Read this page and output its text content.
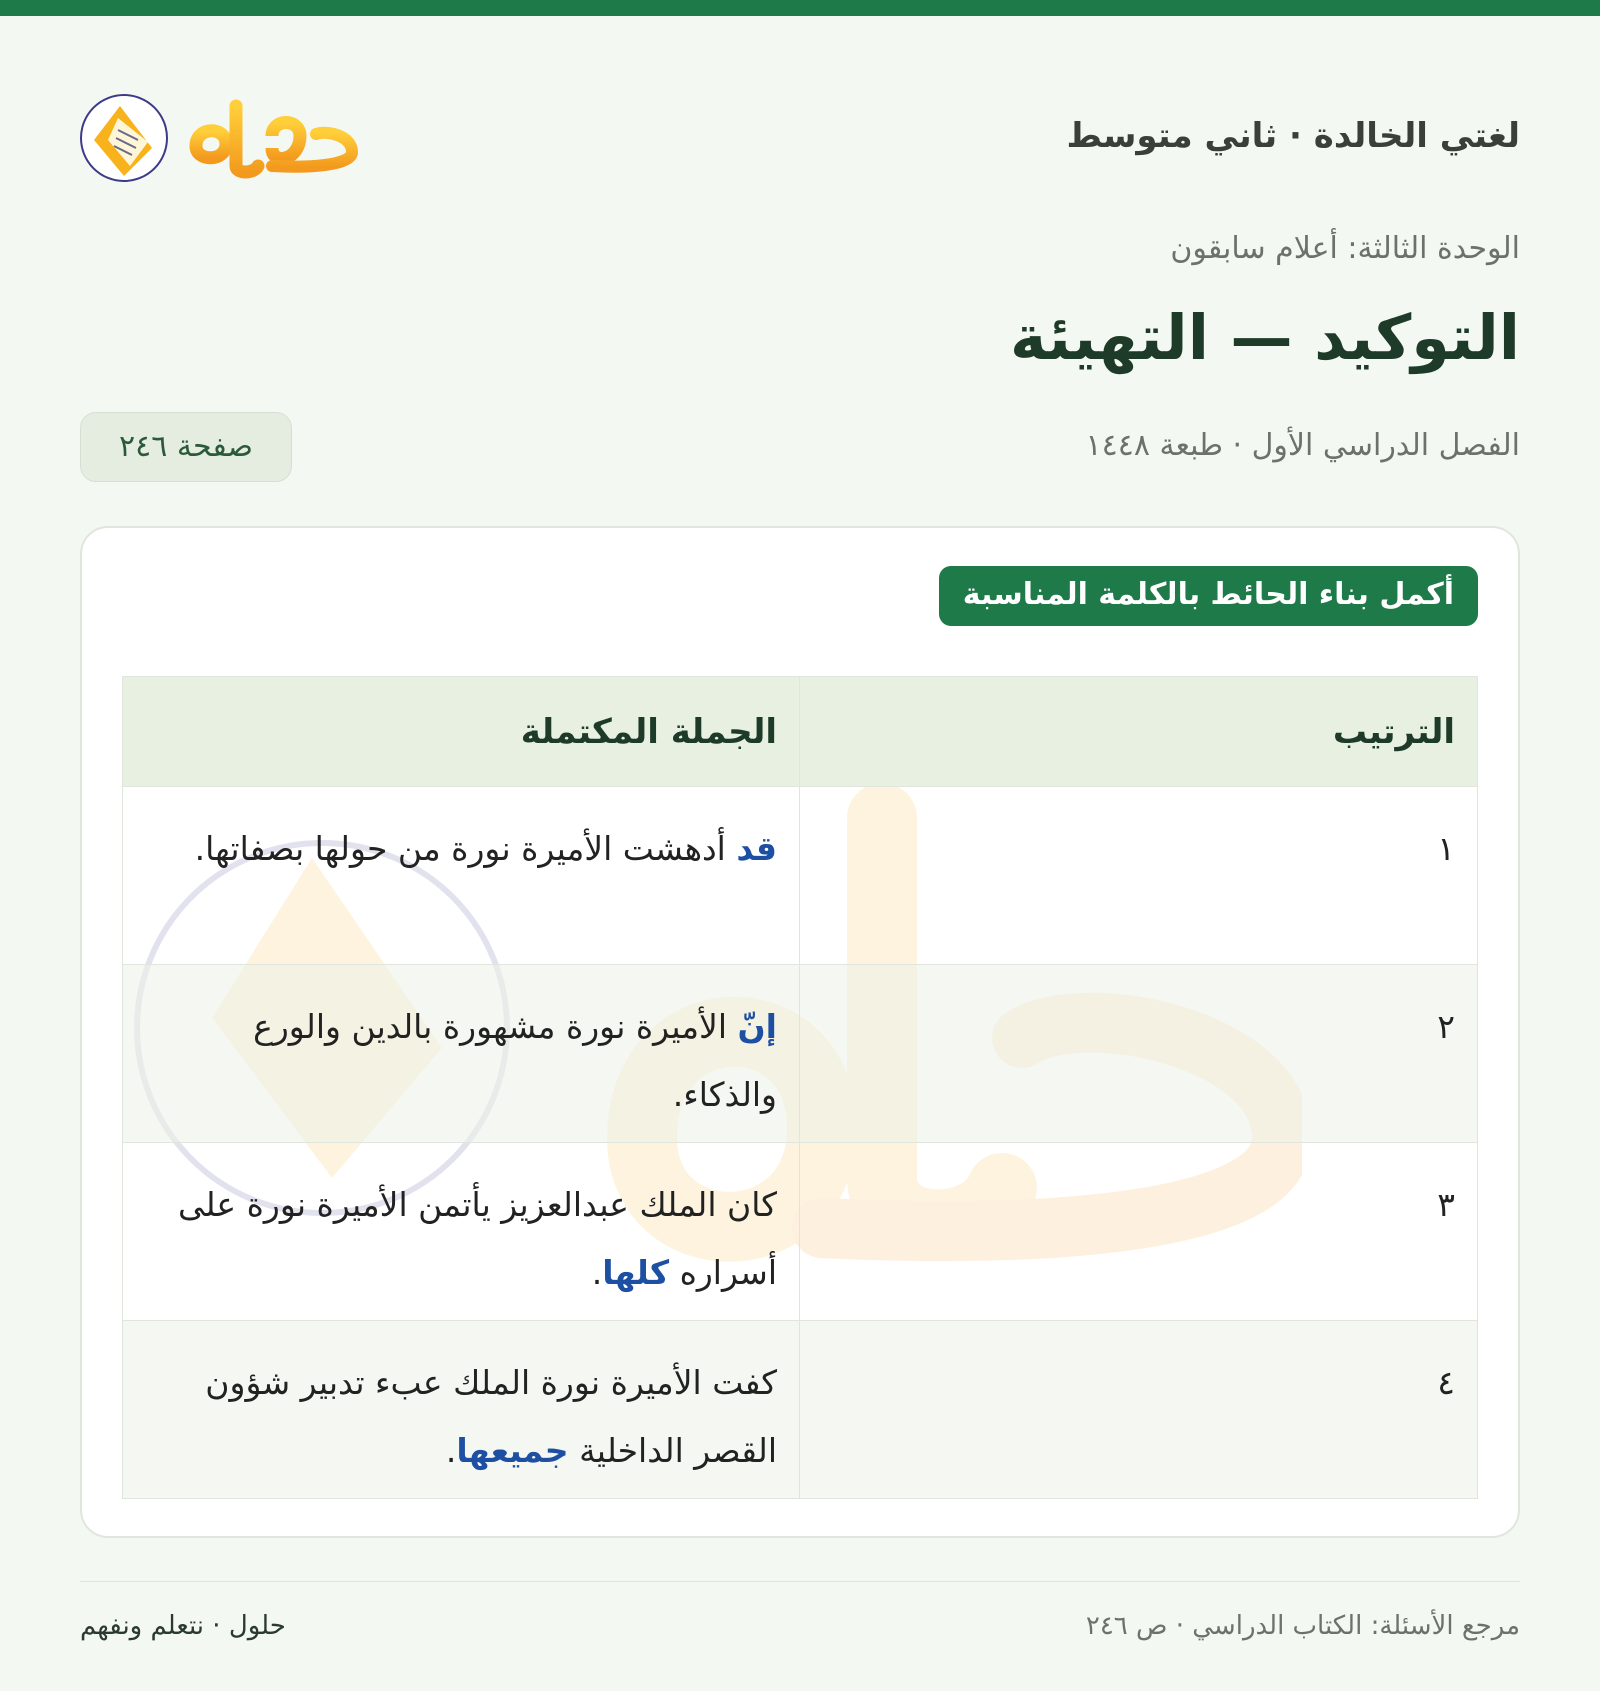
لغتي الخالدة · ثاني متوسط
الوحدة الثالثة: أعلام سابقون
التوكيد — التهيئة
الفصل الدراسي الأول · طبعة ١٤٤٨
صفحة ٢٤٦
أكمل بناء الحائط بالكلمة المناسبة
الترتيب	الجملة المكتملة
١	قد أدهشت الأميرة نورة من حولها بصفاتها.
٢	إنّ الأميرة نورة مشهورة بالدين والورع والذكاء.
٣	كان الملك عبدالعزيز يأتمن الأميرة نورة على أسراره كلها.
٤	كفت الأميرة نورة الملك عبء تدبير شؤون القصر الداخلية جميعها.
مرجع الأسئلة: الكتاب الدراسي · ص ٢٤٦
حلول · نتعلم ونفهم
